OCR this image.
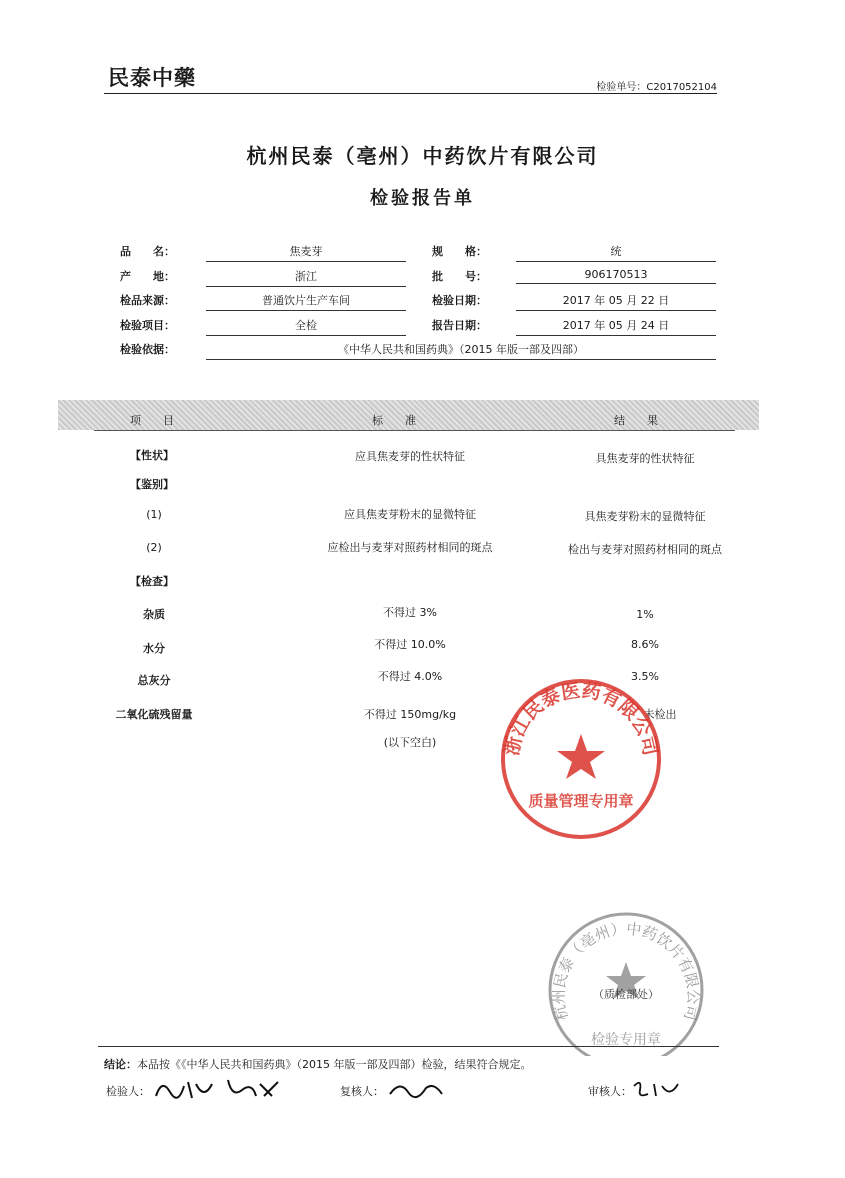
民泰中藥	检验单号：C2017052104
杭州民泰（亳州）中药饮片有限公司
检验报告单
品　　名：	焦麦芽	规　　格：	统
产　　地：	浙江	批　　号：	906170513
检品来源：	普通饮片生产车间	检验日期：	2017 年 05 月 22 日
检验项目：	全检	报告日期：	2017 年 05 月 24 日
检验依据：	《中华人民共和国药典》（2015 年版一部及四部）
项　　目	标　　准	结　　果
【性状】	应具焦麦芽的性状特征	具焦麦芽的性状特征
【鉴别】
(1)	应具焦麦芽粉末的显微特征	具焦麦芽粉末的显微特征
(2)	应检出与麦芽对照药材相同的斑点	检出与麦芽对照药材相同的斑点
【检查】
杂质	不得过 3%	1%
水分	不得过 10.0%	8.6%
总灰分	不得过 4.0%	3.5%
二氧化硫残留量	不得过 150mg/kg	未检出
(以下空白)	浙江民泰医药有限公司
质量管理专用章
杭州民泰（亳州）中药饮片有限公司
（质检部处）
检验专用章
结论：本品按《《中华人民共和国药典》（2015 年版一部及四部）检验，结果符合规定。
检验人：	复核人：	审核人：
